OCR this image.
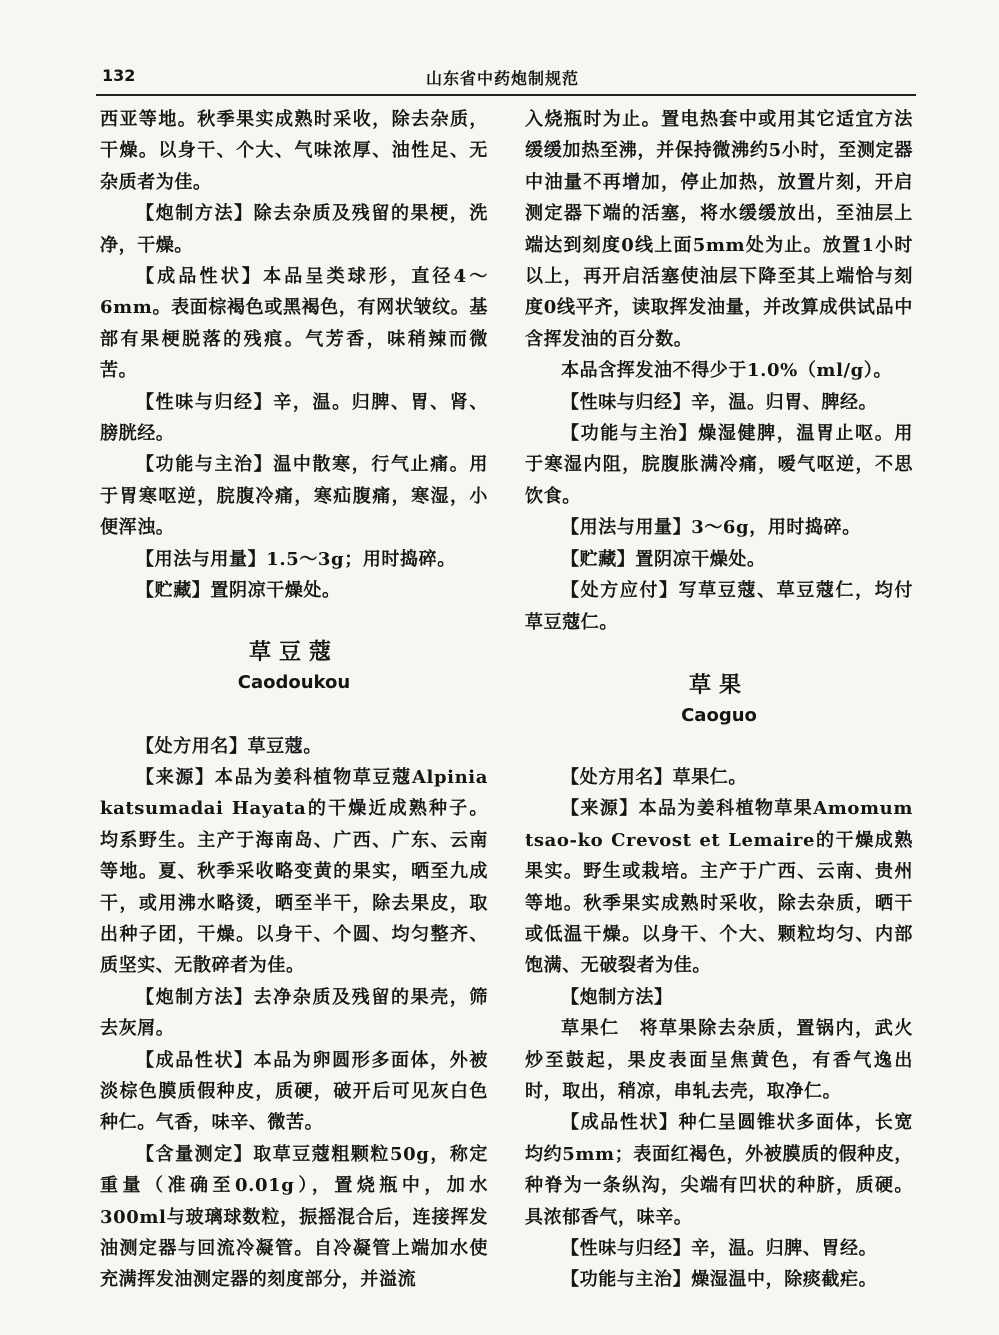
132	山东省中药炮制规范

西亚等地。秋季果实成熟时采收，除去杂质，干燥。以身干、个大、气味浓厚、油性足、无杂质者为佳。

【炮制方法】除去杂质及残留的果梗，洗净，干燥。

【成品性状】本品呈类球形，直径4～6mm。表面棕褐色或黑褐色，有网状皱纹。基部有果梗脱落的残痕。气芳香，味稍辣而微苦。

【性味与归经】辛，温。归脾、胃、肾、膀胱经。

【功能与主治】温中散寒，行气止痛。用于胃寒呕逆，脘腹冷痛，寒疝腹痛，寒湿，小便浑浊。

【用法与用量】1.5～3g；用时捣碎。

【贮藏】置阴凉干燥处。

草豆蔻
Caodoukou

【处方用名】草豆蔻。

【来源】本品为姜科植物草豆蔻Alpinia katsumadai Hayata的干燥近成熟种子。均系野生。主产于海南岛、广西、广东、云南等地。夏、秋季采收略变黄的果实，晒至九成干，或用沸水略烫，晒至半干，除去果皮，取出种子团，干燥。以身干、个圆、均匀整齐、质坚实、无散碎者为佳。

【炮制方法】去净杂质及残留的果壳，筛去灰屑。

【成品性状】本品为卵圆形多面体，外被淡棕色膜质假种皮，质硬，破开后可见灰白色种仁。气香，味辛、微苦。

【含量测定】取草豆蔻粗颗粒50g，称定重量（准确至0.01g），置烧瓶中，加水300ml与玻璃球数粒，振摇混合后，连接挥发油测定器与回流冷凝管。自冷凝管上端加水使充满挥发油测定器的刻度部分，并溢流

入烧瓶时为止。置电热套中或用其它适宜方法缓缓加热至沸，并保持微沸约5小时，至测定器中油量不再增加，停止加热，放置片刻，开启测定器下端的活塞，将水缓缓放出，至油层上端达到刻度0线上面5mm处为止。放置1小时以上，再开启活塞使油层下降至其上端恰与刻度0线平齐，读取挥发油量，并改算成供试品中含挥发油的百分数。

本品含挥发油不得少于1.0%（ml/g）。

【性味与归经】辛，温。归胃、脾经。

【功能与主治】燥湿健脾，温胃止呕。用于寒湿内阻，脘腹胀满冷痛，嗳气呕逆，不思饮食。

【用法与用量】3～6g，用时捣碎。

【贮藏】置阴凉干燥处。

【处方应付】写草豆蔻、草豆蔻仁，均付草豆蔻仁。

草果
Caoguo

【处方用名】草果仁。

【来源】本品为姜科植物草果Amomum tsao-ko Crevost et Lemaire的干燥成熟果实。野生或栽培。主产于广西、云南、贵州等地。秋季果实成熟时采收，除去杂质，晒干或低温干燥。以身干、个大、颗粒均匀、内部饱满、无破裂者为佳。

【炮制方法】

草果仁　将草果除去杂质，置锅内，武火炒至鼓起，果皮表面呈焦黄色，有香气逸出时，取出，稍凉，串轧去壳，取净仁。

【成品性状】种仁呈圆锥状多面体，长宽均约5mm；表面红褐色，外被膜质的假种皮，种脊为一条纵沟，尖端有凹状的种脐，质硬。具浓郁香气，味辛。

【性味与归经】辛，温。归脾、胃经。

【功能与主治】燥湿温中，除痰截疟。
